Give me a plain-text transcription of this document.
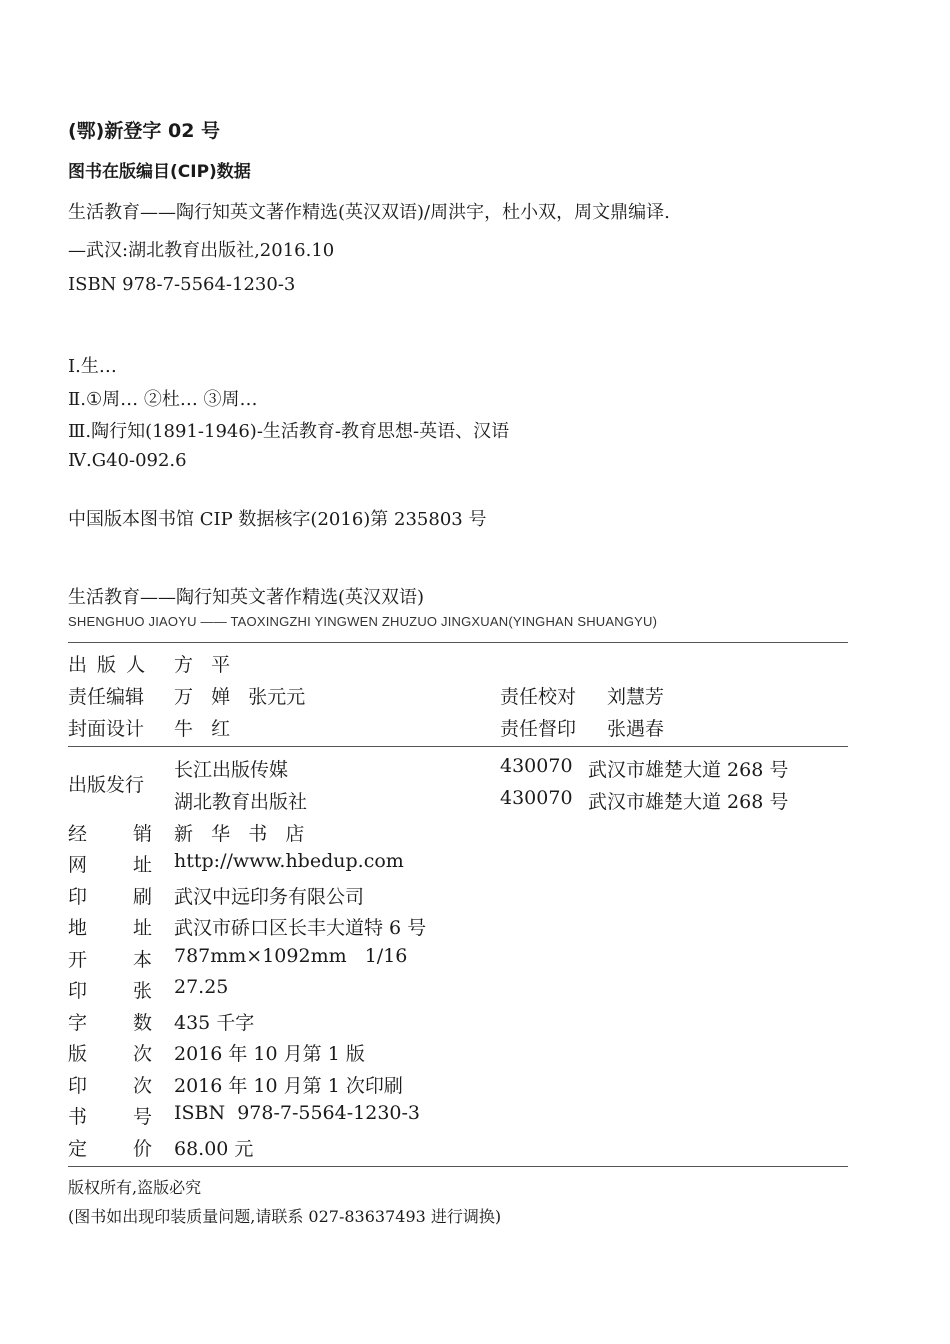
(鄂)新登字 02 号
图书在版编目(CIP)数据
生活教育——陶行知英文著作精选(英汉双语)/周洪宇，杜小双，周文鼎编译.
—武汉:湖北教育出版社,2016.10
ISBN 978-7-5564-1230-3
Ⅰ.生…
Ⅱ.①周… ②杜… ③周…
Ⅲ.陶行知(1891-1946)-生活教育-教育思想-英语、汉语
Ⅳ.G40-092.6
中国版本图书馆 CIP 数据核字(2016)第 235803 号
生活教育——陶行知英文著作精选(英汉双语)
SHENGHUO JIAOYU —— TAOXINGZHI YINGWEN ZHUZUO JINGXUAN(YINGHAN SHUANGYU)
出 版 人 方   平
责任编辑 万   婵   张元元	责任校对 刘慧芳
封面设计 牛   红	责任督印 张遇春
出版发行
长江出版传媒	430070 武汉市雄楚大道 268 号
湖北教育出版社	430070 武汉市雄楚大道 268 号
经 销 新   华   书   店
网 址 http://www.hbedup.com
印 刷 武汉中远印务有限公司
地 址 武汉市硚口区长丰大道特 6 号
开 本 787mm×1092mm   1/16
印 张 27.25
字 数 435 千字
版 次 2016 年 10 月第 1 版
印 次 2016 年 10 月第 1 次印刷
书 号 ISBN  978-7-5564-1230-3
定 价 68.00 元
版权所有,盗版必究
(图书如出现印装质量问题,请联系 027-83637493 进行调换)
